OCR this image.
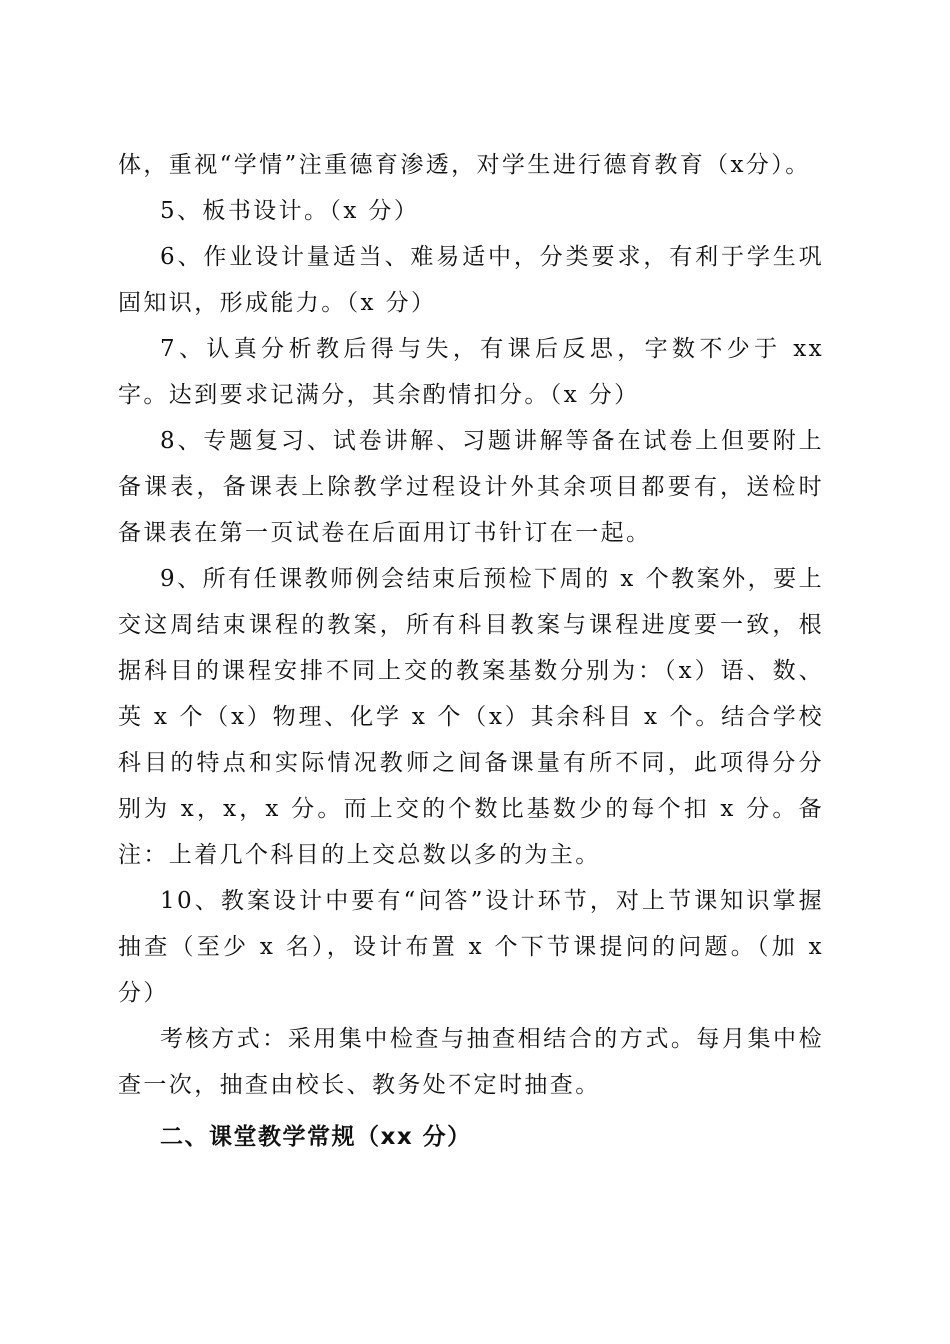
体，重视“学情”注重德育渗透，对学生进行德育教育（x分）。

5、板书设计。（x 分）

6、作业设计量适当、难易适中，分类要求，有利于学生巩固知识，形成能力。（x 分）

7、认真分析教后得与失，有课后反思，字数不少于 xx 字。达到要求记满分，其余酌情扣分。（x 分）

8、专题复习、试卷讲解、习题讲解等备在试卷上但要附上备课表，备课表上除教学过程设计外其余项目都要有，送检时备课表在第一页试卷在后面用订书针订在一起。

9、所有任课教师例会结束后预检下周的 x 个教案外，要上交这周结束课程的教案，所有科目教案与课程进度要一致，根据科目的课程安排不同上交的教案基数分别为：（x）语、数、英 x 个（x）物理、化学 x 个（x）其余科目 x 个。结合学校科目的特点和实际情况教师之间备课量有所不同，此项得分分别为 x，x，x 分。而上交的个数比基数少的每个扣 x 分。备注：上着几个科目的上交总数以多的为主。

10、教案设计中要有“问答”设计环节，对上节课知识掌握抽查（至少 x 名），设计布置 x 个下节课提问的问题。（加 x分）

考核方式：采用集中检查与抽查相结合的方式。每月集中检查一次，抽查由校长、教务处不定时抽查。

二、课堂教学常规（xx 分）
